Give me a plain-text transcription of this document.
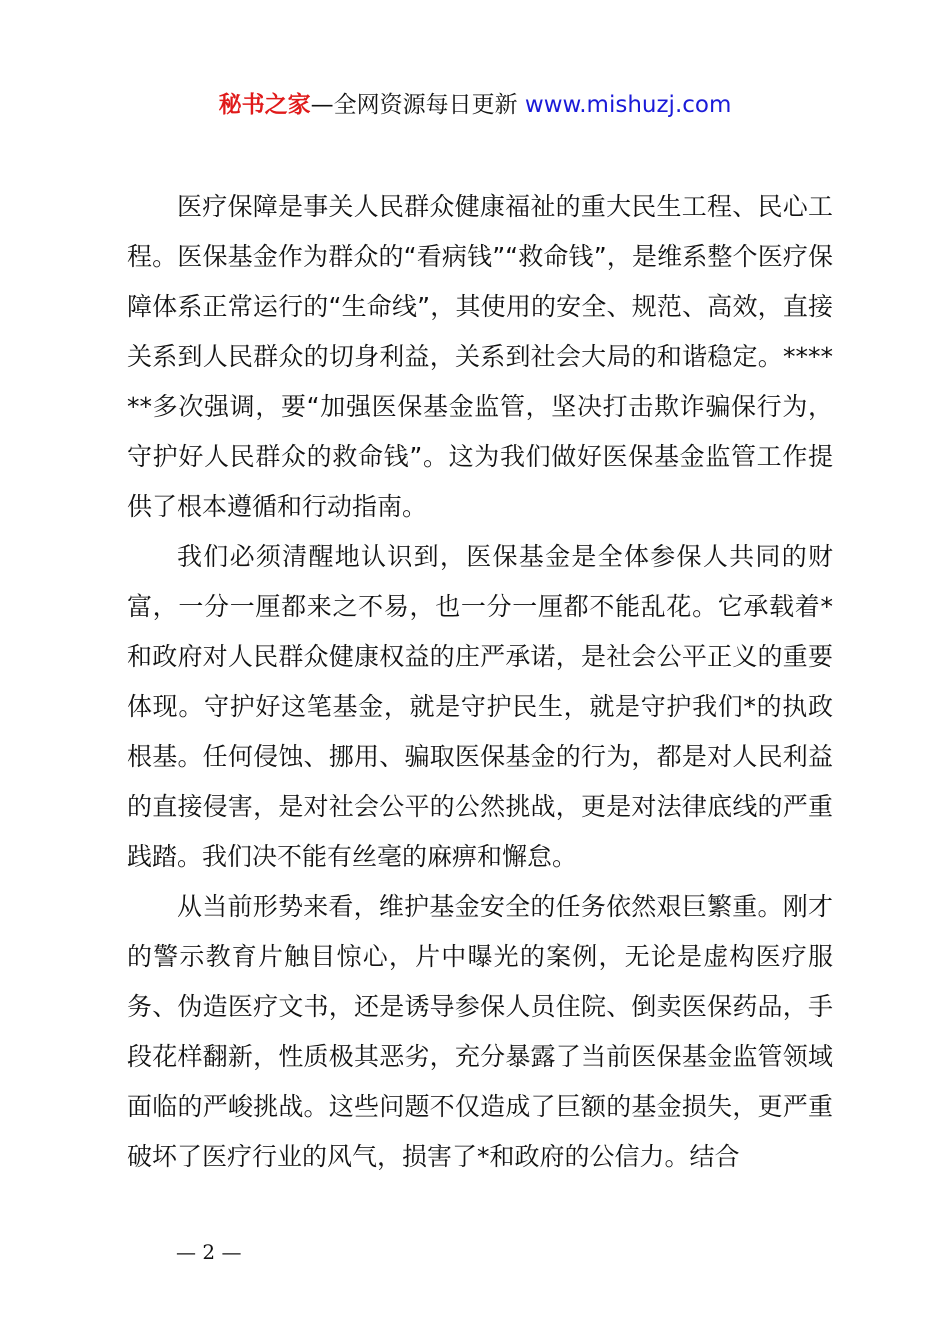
秘书之家—全网资源每日更新 www.mishuzj.com

医疗保障是事关人民群众健康福祉的重大民生工程、民心工程。医保基金作为群众的“看病钱”“救命钱”，是维系整个医疗保障体系正常运行的“生命线”，其使用的安全、规范、高效，直接关系到人民群众的切身利益，关系到社会大局的和谐稳定。******多次强调，要“加强医保基金监管，坚决打击欺诈骗保行为，守护好人民群众的救命钱”。这为我们做好医保基金监管工作提供了根本遵循和行动指南。

我们必须清醒地认识到，医保基金是全体参保人共同的财富，一分一厘都来之不易，也一分一厘都不能乱花。它承载着*和政府对人民群众健康权益的庄严承诺，是社会公平正义的重要体现。守护好这笔基金，就是守护民生，就是守护我们*的执政根基。任何侵蚀、挪用、骗取医保基金的行为，都是对人民利益的直接侵害，是对社会公平的公然挑战，更是对法律底线的严重践踏。我们决不能有丝毫的麻痹和懈怠。

从当前形势来看，维护基金安全的任务依然艰巨繁重。刚才的警示教育片触目惊心，片中曝光的案例，无论是虚构医疗服务、伪造医疗文书，还是诱导参保人员住院、倒卖医保药品，手段花样翻新，性质极其恶劣，充分暴露了当前医保基金监管领域面临的严峻挑战。这些问题不仅造成了巨额的基金损失，更严重破坏了医疗行业的风气，损害了*和政府的公信力。结合

— 2 —
